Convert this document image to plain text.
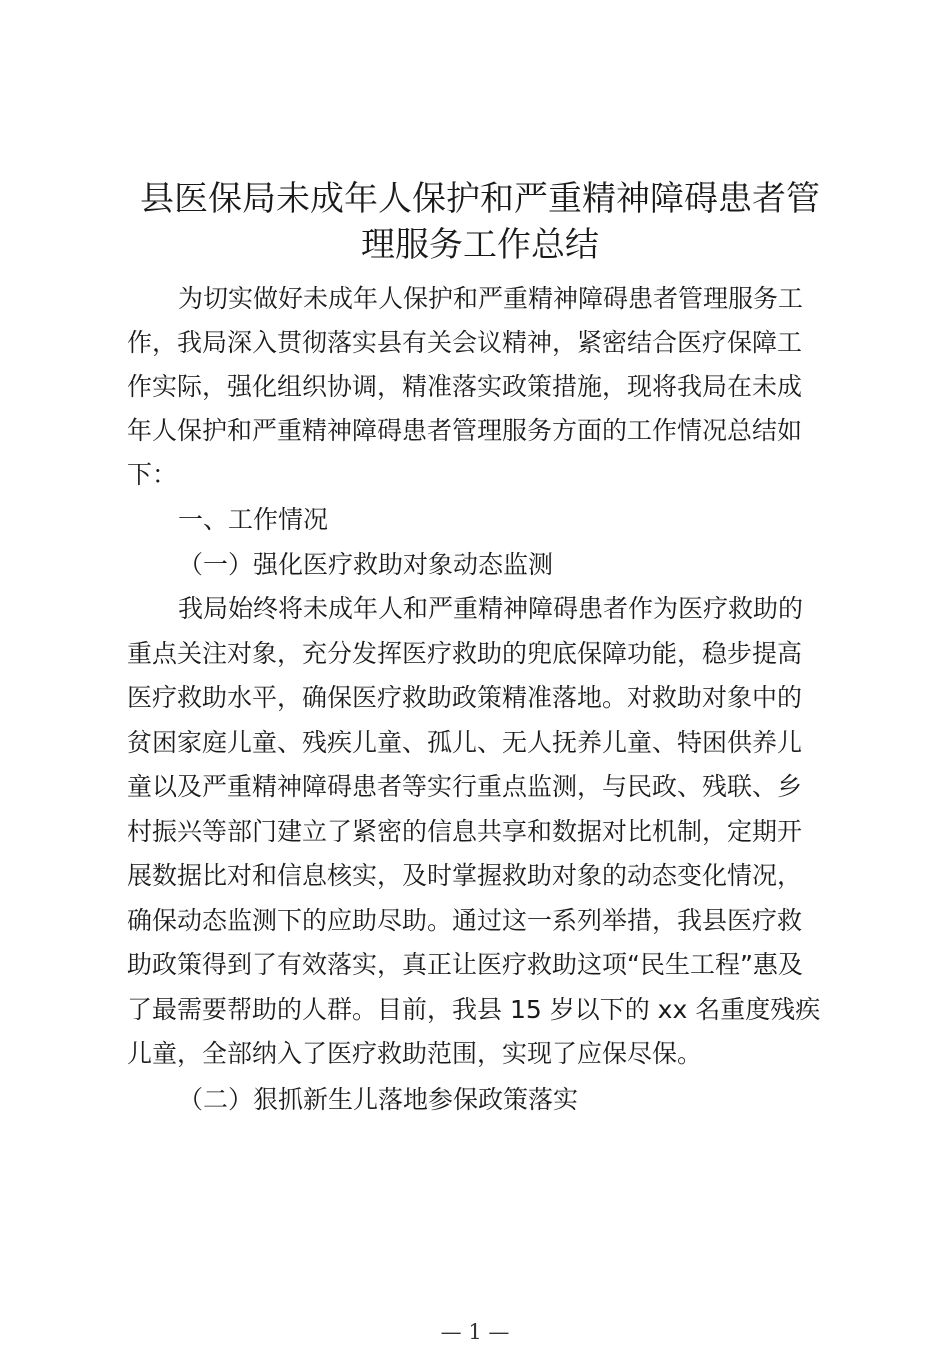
县医保局未成年人保护和严重精神障碍患者管
理服务工作总结

为切实做好未成年人保护和严重精神障碍患者管理服务工

作，我局深入贯彻落实县有关会议精神，紧密结合医疗保障工

作实际，强化组织协调，精准落实政策措施，现将我局在未成

年人保护和严重精神障碍患者管理服务方面的工作情况总结如

下：

一、工作情况

（一）强化医疗救助对象动态监测

我局始终将未成年人和严重精神障碍患者作为医疗救助的

重点关注对象，充分发挥医疗救助的兜底保障功能，稳步提高

医疗救助水平，确保医疗救助政策精准落地。对救助对象中的

贫困家庭儿童、残疾儿童、孤儿、无人抚养儿童、特困供养儿

童以及严重精神障碍患者等实行重点监测，与民政、残联、乡

村振兴等部门建立了紧密的信息共享和数据对比机制，定期开

展数据比对和信息核实，及时掌握救助对象的动态变化情况，

确保动态监测下的应助尽助。通过这一系列举措，我县医疗救

助政策得到了有效落实，真正让医疗救助这项“民生工程”惠及

了最需要帮助的人群。目前，我县 15 岁以下的 xx 名重度残疾

儿童，全部纳入了医疗救助范围，实现了应保尽保。

（二）狠抓新生儿落地参保政策落实

— 1 —
